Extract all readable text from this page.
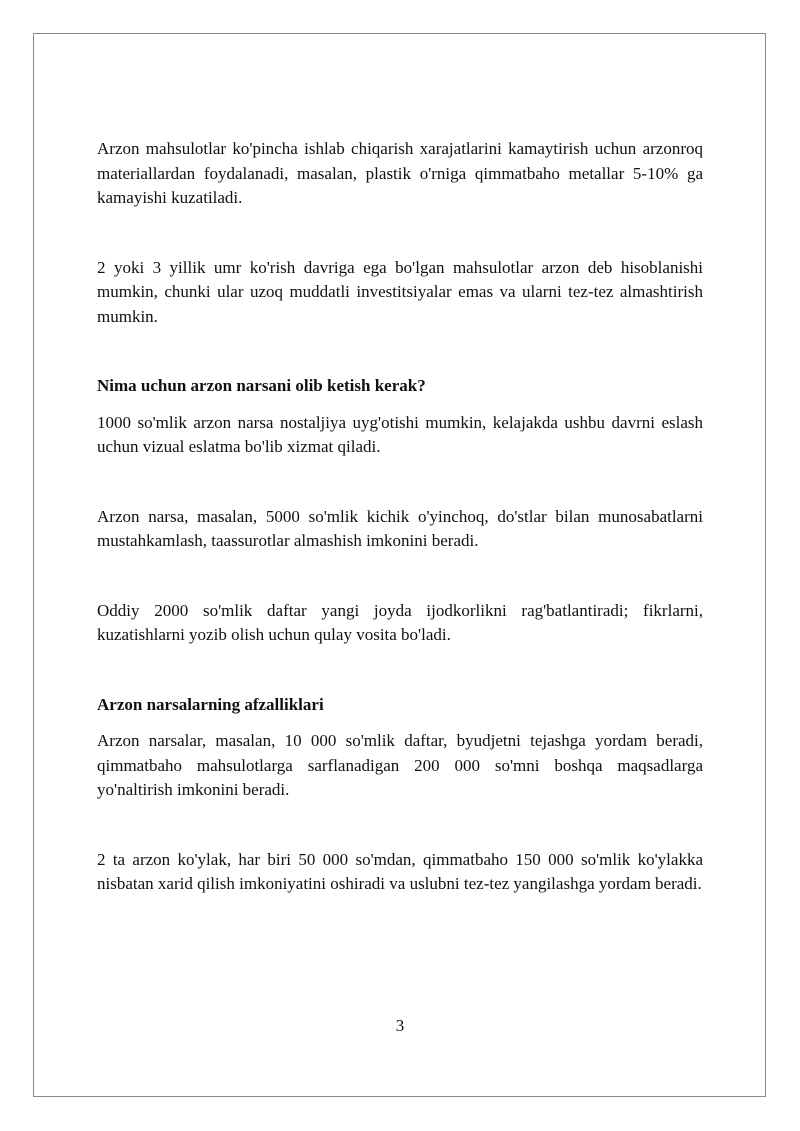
Arzon mahsulotlar ko'pincha ishlab chiqarish xarajatlarini kamaytirish uchun arzonroq materiallardan foydalanadi, masalan, plastik o'rniga qimmatbaho metallar 5-10% ga kamayishi kuzatiladi.

2 yoki 3 yillik umr ko'rish davriga ega bo'lgan mahsulotlar arzon deb hisoblanishi mumkin, chunki ular uzoq muddatli investitsiyalar emas va ularni tez-tez almashtirish mumkin.

Nima uchun arzon narsani olib ketish kerak?

1000 so'mlik arzon narsa nostaljiya uyg'otishi mumkin, kelajakda ushbu davrni eslash uchun vizual eslatma bo'lib xizmat qiladi.

Arzon narsa, masalan, 5000 so'mlik kichik o'yinchoq, do'stlar bilan munosabatlarni mustahkamlash, taassurotlar almashish imkonini beradi.

Oddiy 2000 so'mlik daftar yangi joyda ijodkorlikni rag'batlantiradi; fikrlarni, kuzatishlarni yozib olish uchun qulay vosita bo'ladi.

Arzon narsalarning afzalliklari

Arzon narsalar, masalan, 10 000 so'mlik daftar, byudjetni tejashga yordam beradi, qimmatbaho mahsulotlarga sarflanadigan 200 000 so'mni boshqa maqsadlarga yo'naltirish imkonini beradi.

2 ta arzon ko'ylak, har biri 50 000 so'mdan, qimmatbaho 150 000 so'mlik ko'ylakka nisbatan xarid qilish imkoniyatini oshiradi va uslubni tez-tez yangilashga yordam beradi.

3
